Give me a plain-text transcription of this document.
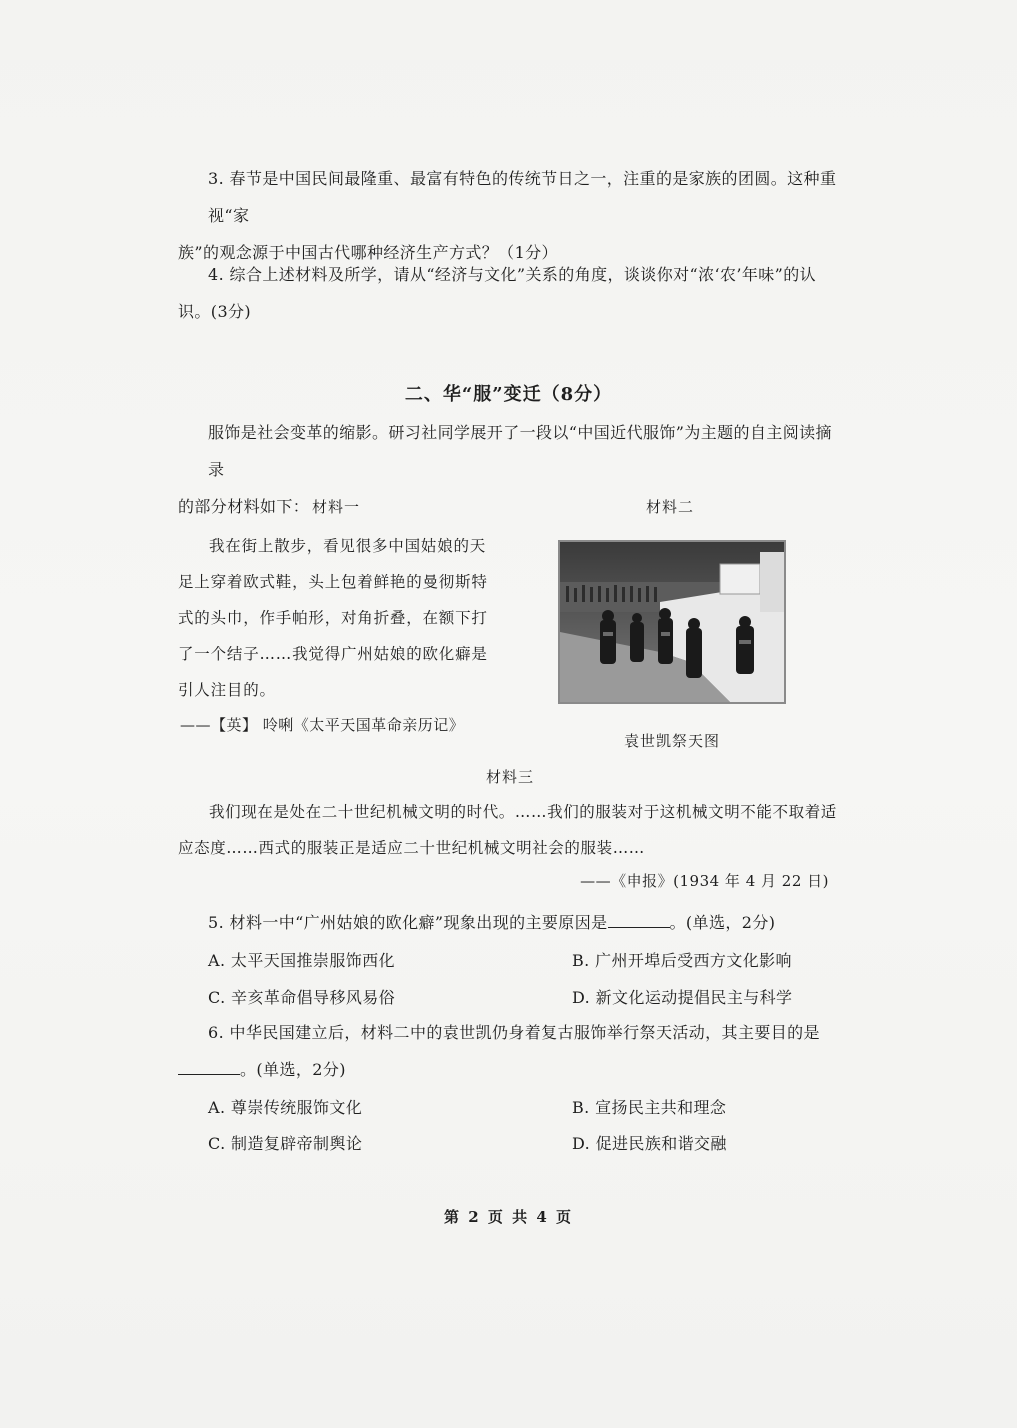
3. 春节是中国民间最隆重、最富有特色的传统节日之一，注重的是家族的团圆。这种重视“家
族”的观念源于中国古代哪种经济生产方式？（1分）
4. 综合上述材料及所学，请从“经济与文化”关系的角度，谈谈你对“浓‘农’年味”的认
识。(3分)
二、华“服”变迁（8分）
服饰是社会变革的缩影。研习社同学展开了一段以“中国近代服饰”为主题的自主阅读摘录
的部分材料如下： 材料一
我在街上散步，看见很多中国姑娘的天足上穿着欧式鞋，头上包着鲜艳的曼彻斯特式的头巾，作手帕形，对角折叠，在额下打了一个结子……我觉得广州姑娘的欧化癖是引人注目的。
——【英】 呤唎《太平天国革命亲历记》
材料二
袁世凯祭天图
材料三
我们现在是处在二十世纪机械文明的时代。……我们的服装对于这机械文明不能不取着适应态度……西式的服装正是适应二十世纪机械文明社会的服装……
——《申报》(1934 年 4 月 22 日)
5. 材料一中“广州姑娘的欧化癖”现象出现的主要原因是	。(单选，2分)
A. 太平天国推崇服饰西化	B. 广州开埠后受西方文化影响
C. 辛亥革命倡导移风易俗	D. 新文化运动提倡民主与科学
6. 中华民国建立后，材料二中的袁世凯仍身着复古服饰举行祭天活动，其主要目的是
。(单选，2分)
A. 尊崇传统服饰文化	B. 宣扬民主共和理念
C. 制造复辟帝制舆论	D. 促进民族和谐交融
第 2 页 共 4 页
